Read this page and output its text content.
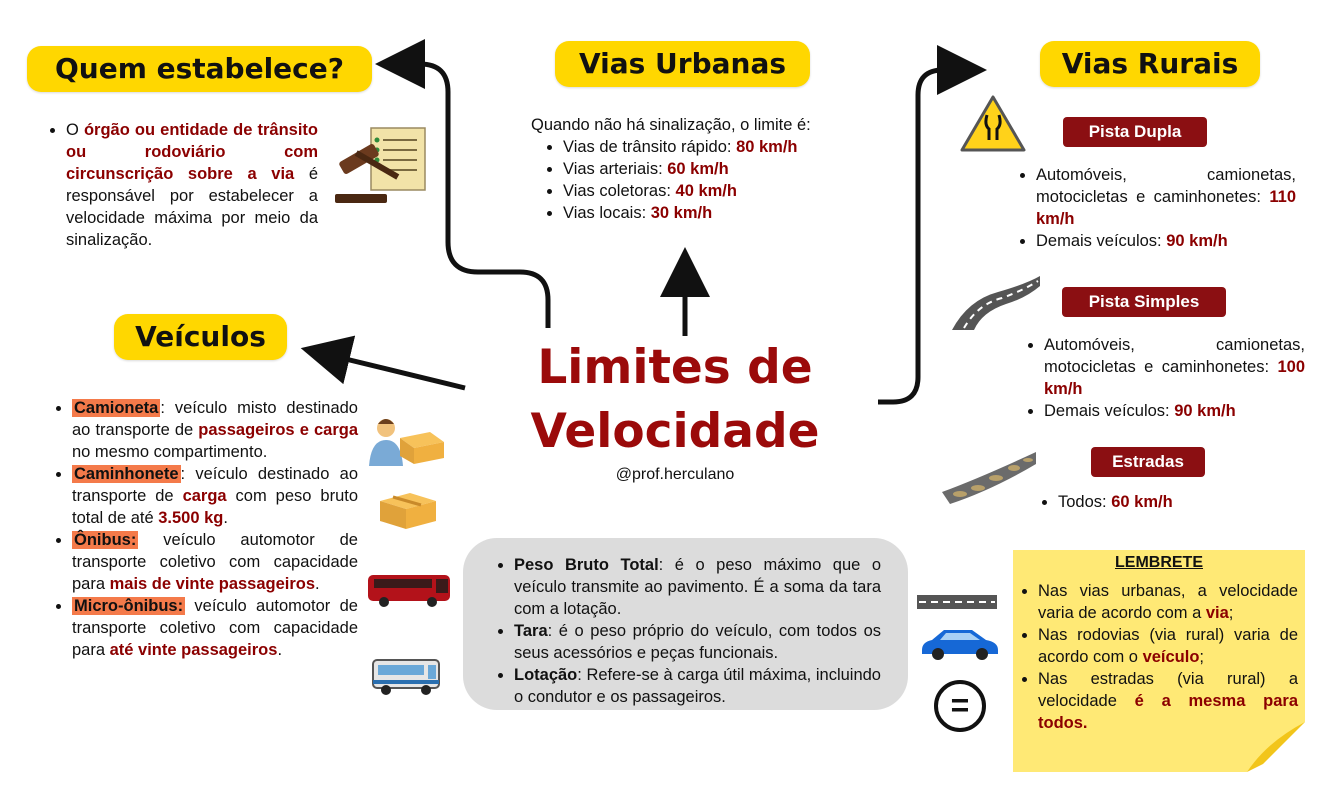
Quem estabelece?	Vias Urbanas	Vias Rurais
Veículos
• O órgão ou entidade de trânsito ou rodoviário com circunscrição sobre a via é responsável por estabelecer a velocidade máxima por meio da sinalização.
Quando não há sinalização, o limite é:
• Vias de trânsito rápido: 80 km/h
• Vias arteriais: 60 km/h
• Vias coletoras: 40 km/h
• Vias locais: 30 km/h
Limites de
Velocidade
@prof.herculano
Pista Dupla
• Automóveis, camionetas, motocicletas e caminhonetes: 110 km/h
• Demais veículos: 90 km/h
Pista Simples
• Automóveis, camionetas, motocicletas e caminhonetes: 100 km/h
• Demais veículos: 90 km/h
Estradas
• Todos: 60 km/h
• Camioneta : veículo misto destinado ao transporte de passageiros e carga no mesmo compartimento.
• Caminhonete : veículo destinado ao transporte de carga com peso bruto total de até 3.500 kg.
• Ônibus: veículo automotor de transporte coletivo com capacidade para mais de vinte passageiros.
• Micro-ônibus: veículo automotor de transporte coletivo com capacidade para até vinte passageiros.
• Peso Bruto Total: é o peso máximo que o veículo transmite ao pavimento. É a soma da tara com a lotação.
• Tara: é o peso próprio do veículo, com todos os seus acessórios e peças funcionais.
• Lotação: Refere-se à carga útil máxima, incluindo o condutor e os passageiros.	=
LEMBRETE
• Nas vias urbanas, a velocidade varia de acordo com a via;
• Nas rodovias (via rural) varia de acordo com o veículo;
• Nas estradas (via rural) a velocidade é a mesma para todos.
